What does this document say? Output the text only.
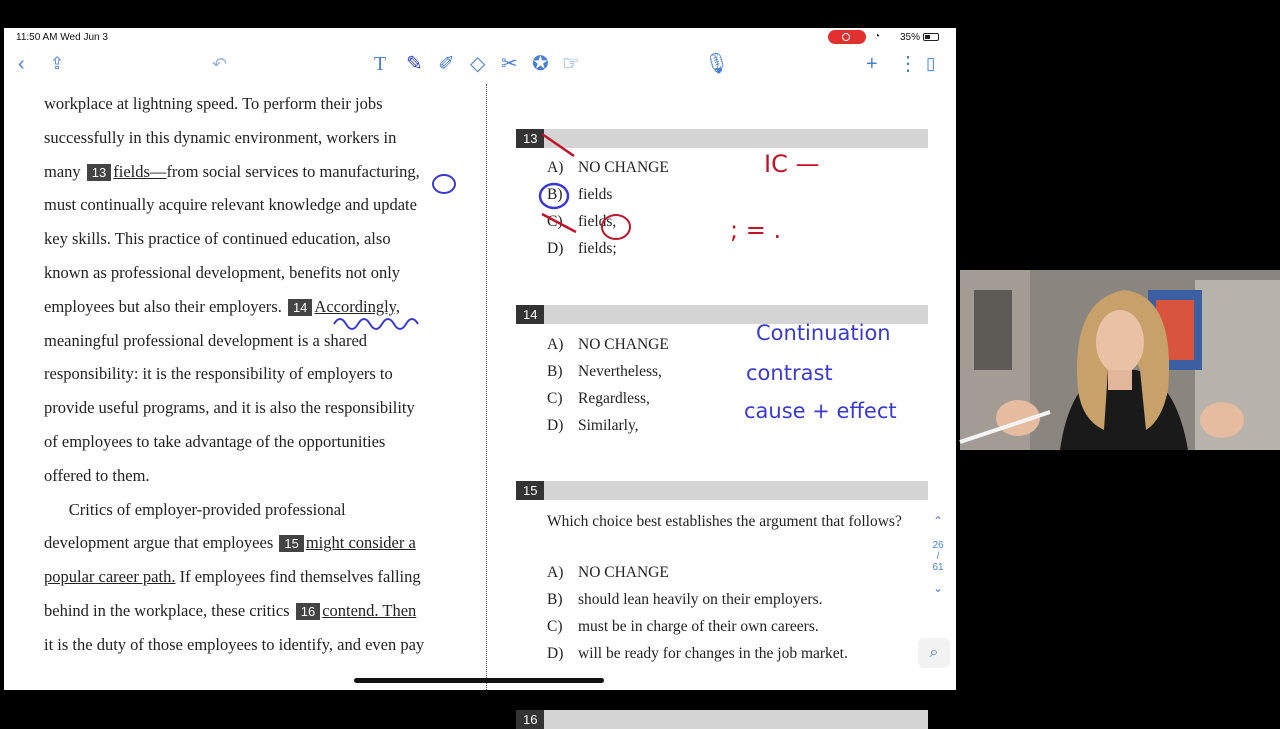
11:50 AM Wed Jun 3	◔ 35%
‹ ⇪	↶	T ✎ ✐ ◇ ✂ ✪ ☞	🎙	+ ⋮ ▯
workplace at lightning speed. To perform their jobs
successfully in this dynamic environment, workers in
many 13 fields—from social services to manufacturing,
must continually acquire relevant knowledge and update
key skills. This practice of continued education, also
known as professional development, benefits not only
employees but also their employers. 14 Accordingly,
meaningful professional development is a shared
responsibility: it is the responsibility of employers to
provide useful programs, and it is also the responsibility
of employees to take advantage of the opportunities
offered to them.
Critics of employer-provided professional
development argue that employees 15 might consider a
popular career path. If employees find themselves falling
behind in the workplace, these critics 16 contend. Then
it is the duty of those employees to identify, and even pay
13
A) NO CHANGE
B) fields
C) fields,
D) fields;
14
A) NO CHANGE
B) Nevertheless,
C) Regardless,
D) Similarly,
15
Which choice best establishes the argument that follows?
A) NO CHANGE
B) should lean heavily on their employers.
C) must be in charge of their own careers.
D) will be ready for changes in the job market.
16
⌃
26
/
61
⌄
⌕
IC —
; = .
Continuation
contrast
cause + effect
